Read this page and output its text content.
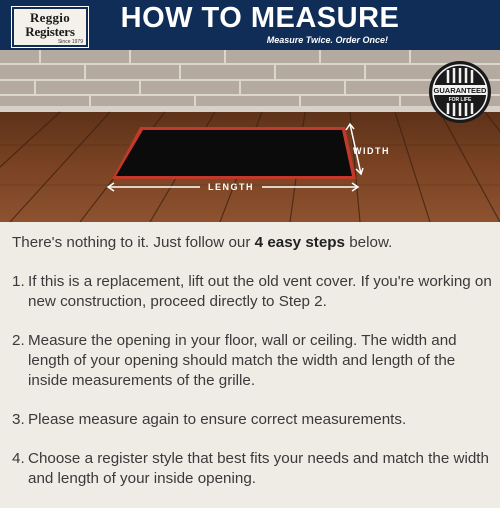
Reggio
Registers
Since 1979
HOW TO MEASURE
Measure Twice. Order Once!
WIDTH
LENGTH
GUARANTEED
FOR LIFE

There's nothing to it. Just follow our 4 easy steps below.

1. If this is a replacement, lift out the old vent cover. If you're working on new construction, proceed directly to Step 2.
2. Measure the opening in your floor, wall or ceiling. The width and length of your opening should match the width and length of the inside measurements of the grille.
3. Please measure again to ensure correct measurements.
4. Choose a register style that best fits your needs and match the width and length of your inside opening.
